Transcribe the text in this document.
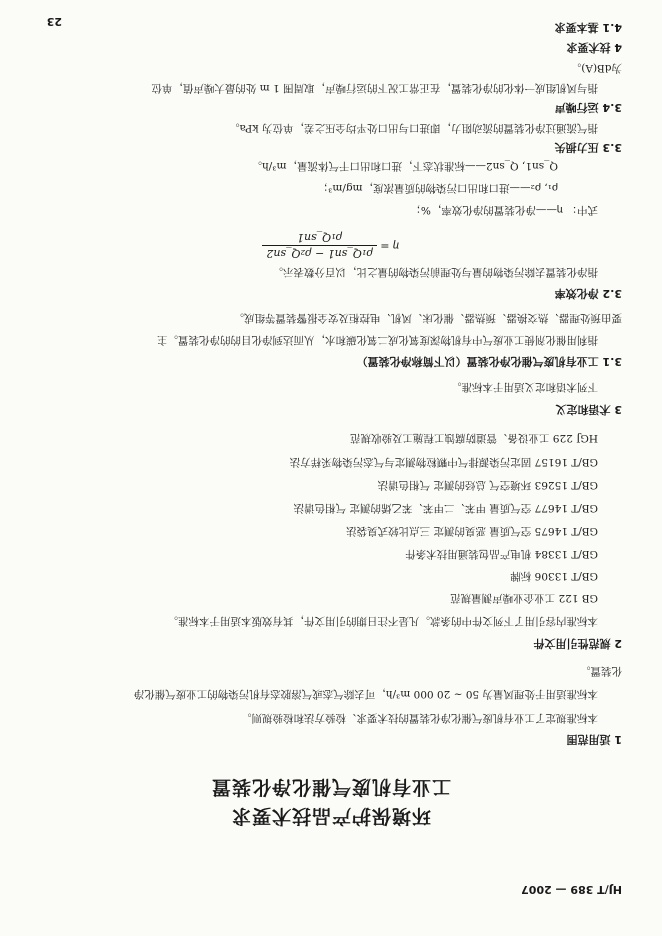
HJ/T 389 — 2007
环境保护产品技术要求
工业有机废气催化净化装置
1 适用范围
本标准规定了工业有机废气催化净化装置的技术要求、检验方法和检验规则。
本标准适用于处理风量为 50 ~ 20 000 m³/h，可去除气态或气溶胶态有机污染物的工业废气催化净
化装置。
2 规范性引用文件
本标准内容引用了下列文件中的条款。凡是不注日期的引用文件，其有效版本适用于本标准。
GB 122 工业企业噪声测量规范
GB/T 13306 标牌
GB/T 13384 机电产品包装通用技术条件
GB/T 14675 空气质量 恶臭的测定 三点比较式臭袋法
GB/T 14677 空气质量 甲苯、二甲苯、苯乙烯的测定 气相色谱法
GB/T 15263 环境空气 总烃的测定 气相色谱法
GB/T 16157 固定污染源排气中颗粒物测定与气态污染物采样方法
HGJ 229 工业设备、管道防腐蚀工程施工及验收规范
3 术语和定义
下列术语和定义适用于本标准。
3.1 工业有机废气催化净化装置（以下简称净化装置）
指利用催化剂使工业废气中有机物深度氧化成二氧化碳和水，从而达到净化目的的净化装置。主
要由预处理器、热交换器、预热器、催化床、风机、电控柜及安全报警装置等组成。
3.2 净化效率
指净化装置去除污染物的量与处理前污染物的量之比，以百分数表示。
η =
ρ₁Q_sn1 − ρ₂Q_sn2
ρ₁Q_sn1
式中： η——净化装置的净化效率，%；
ρ₁, ρ₂——进口和出口污染物的质量浓度，mg/m³；
Q_sn1, Q_sn2——标准状态下，进口和出口干气体流量，m³/h。
3.3 压力损失
指气流通过净化装置的流动阻力，即进口与出口处平均全压之差，单位为 kPa。
3.4 运行噪声
指与风机组成一体化的净化装置，在正常工况下的运行噪声，取周围 1 m 处的最大噪声值，单位
为dB(A)。
4 技术要求
4.1 基本要求
23
